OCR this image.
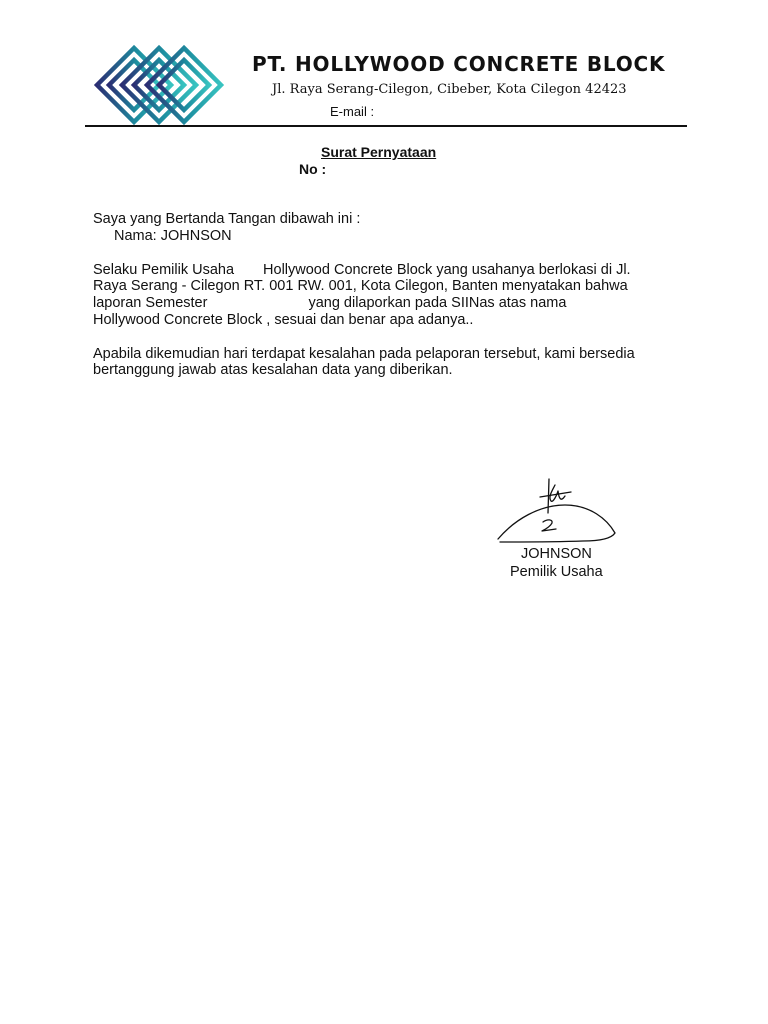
PT. HOLLYWOOD CONCRETE BLOCK
Jl. Raya Serang-Cilegon, Cibeber, Kota Cilegon 42423
E-mail :
Surat Pernyataan
No :
Saya yang Bertanda Tangan dibawah ini :
Nama: JOHNSON
Selaku Pemilik Usaha Hollywood Concrete Block yang usahanya berlokasi di Jl.
Raya Serang - Cilegon RT. 001 RW. 001, Kota Cilegon, Banten menyatakan bahwa
laporan Semester	yang dilaporkan pada SIINas atas nama
Hollywood Concrete Block , sesuai dan benar apa adanya..
Apabila dikemudian hari terdapat kesalahan pada pelaporan tersebut, kami bersedia
bertanggung jawab atas kesalahan data yang diberikan.
JOHNSON
Pemilik Usaha
